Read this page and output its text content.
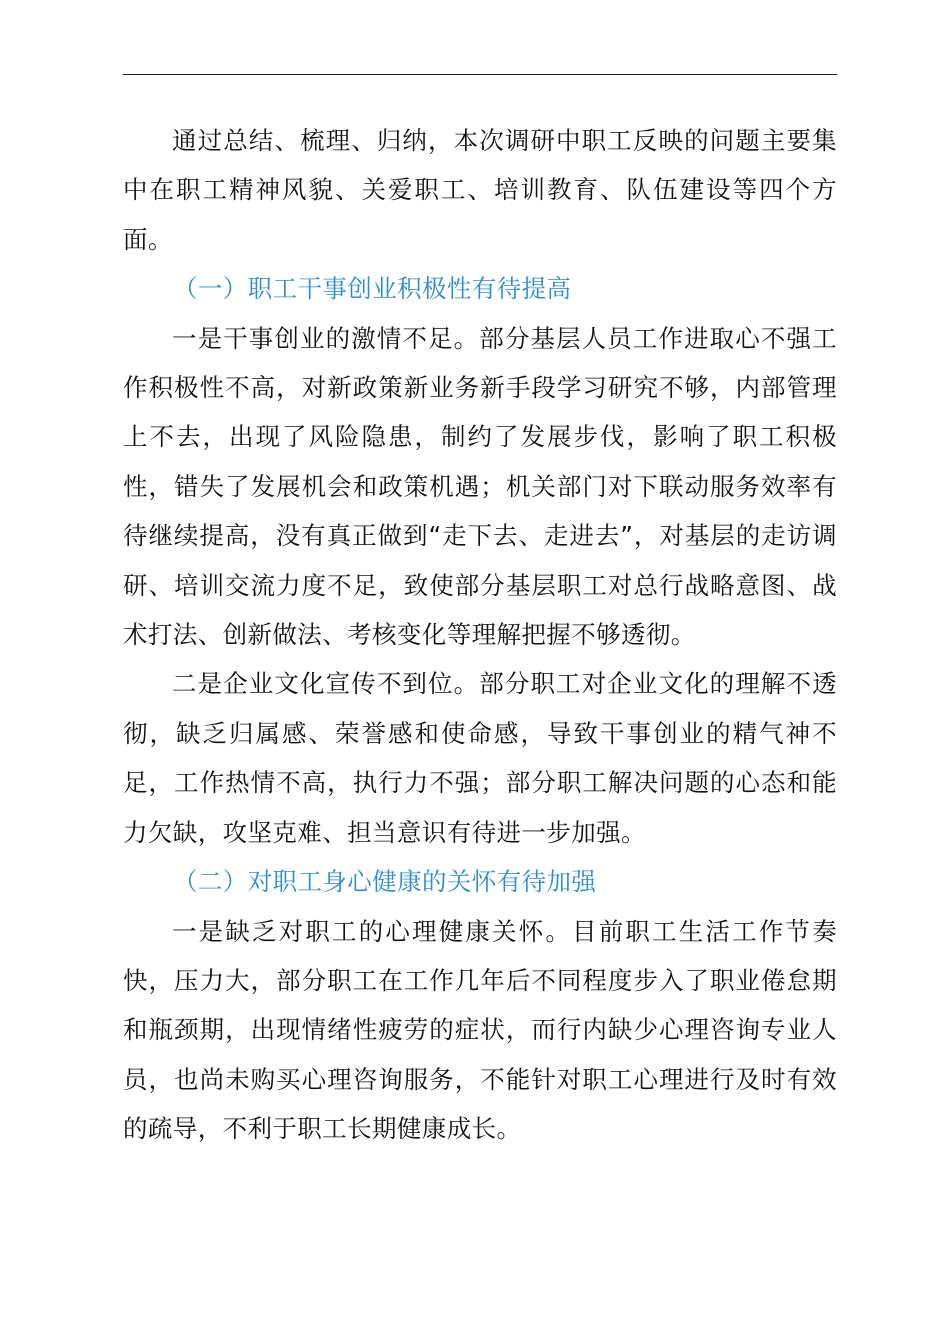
通过总结、梳理、归纳，本次调研中职工反映的问题主要集中在职工精神风貌、关爱职工、培训教育、队伍建设等四个方面。

（一）职工干事创业积极性有待提高

一是干事创业的激情不足。部分基层人员工作进取心不强工作积极性不高，对新政策新业务新手段学习研究不够，内部管理上不去，出现了风险隐患，制约了发展步伐，影响了职工积极性，错失了发展机会和政策机遇；机关部门对下联动服务效率有待继续提高，没有真正做到“走下去、走进去”，对基层的走访调研、培训交流力度不足，致使部分基层职工对总行战略意图、战术打法、创新做法、考核变化等理解把握不够透彻。

二是企业文化宣传不到位。部分职工对企业文化的理解不透彻，缺乏归属感、荣誉感和使命感，导致干事创业的精气神不足，工作热情不高，执行力不强；部分职工解决问题的心态和能力欠缺，攻坚克难、担当意识有待进一步加强。

（二）对职工身心健康的关怀有待加强

一是缺乏对职工的心理健康关怀。目前职工生活工作节奏快，压力大，部分职工在工作几年后不同程度步入了职业倦怠期和瓶颈期，出现情绪性疲劳的症状，而行内缺少心理咨询专业人员，也尚未购买心理咨询服务，不能针对职工心理进行及时有效的疏导，不利于职工长期健康成长。
